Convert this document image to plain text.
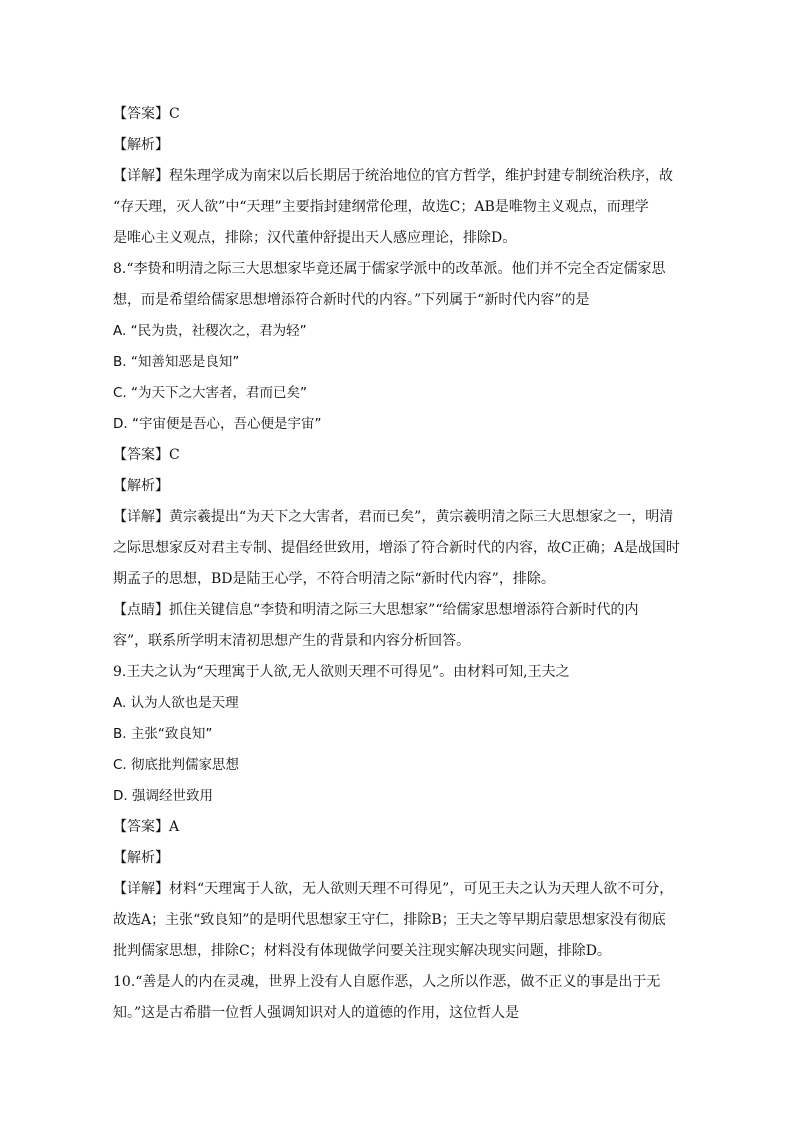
【答案】C
【解析】
【详解】程朱理学成为南宋以后长期居于统治地位的官方哲学，维护封建专制统治秩序，故
“存天理，灭人欲”中“天理”主要指封建纲常伦理，故选C；AB是唯物主义观点，而理学
是唯心主义观点，排除；汉代董仲舒提出天人感应理论，排除D。
8.“李贽和明清之际三大思想家毕竟还属于儒家学派中的改革派。他们并不完全否定儒家思
想，而是希望给儒家思想增添符合新时代的内容。”下列属于“新时代内容”的是
A. “民为贵，社稷次之，君为轻”
B. “知善知恶是良知”
C. “为天下之大害者，君而已矣”
D. “宇宙便是吾心，吾心便是宇宙”
【答案】C
【解析】
【详解】黄宗羲提出“为天下之大害者，君而已矣”，黄宗羲明清之际三大思想家之一，明清
之际思想家反对君主专制、提倡经世致用，增添了符合新时代的内容，故C正确；A是战国时
期孟子的思想，BD是陆王心学，不符合明清之际“新时代内容”，排除。
【点睛】抓住关键信息“李贽和明清之际三大思想家”“给儒家思想增添符合新时代的内
容”，联系所学明末清初思想产生的背景和内容分析回答。
9.王夫之认为“天理寓于人欲,无人欲则天理不可得见”。由材料可知,王夫之
A. 认为人欲也是天理
B. 主张“致良知”
C. 彻底批判儒家思想
D. 强调经世致用
【答案】A
【解析】
【详解】材料“天理寓于人欲，无人欲则天理不可得见”，可见王夫之认为天理人欲不可分，
故选A；主张“致良知”的是明代思想家王守仁，排除B；王夫之等早期启蒙思想家没有彻底
批判儒家思想，排除C；材料没有体现做学问要关注现实解决现实问题，排除D。
10.“善是人的内在灵魂，世界上没有人自愿作恶，人之所以作恶，做不正义的事是出于无
知。”这是古希腊一位哲人强调知识对人的道德的作用，这位哲人是
